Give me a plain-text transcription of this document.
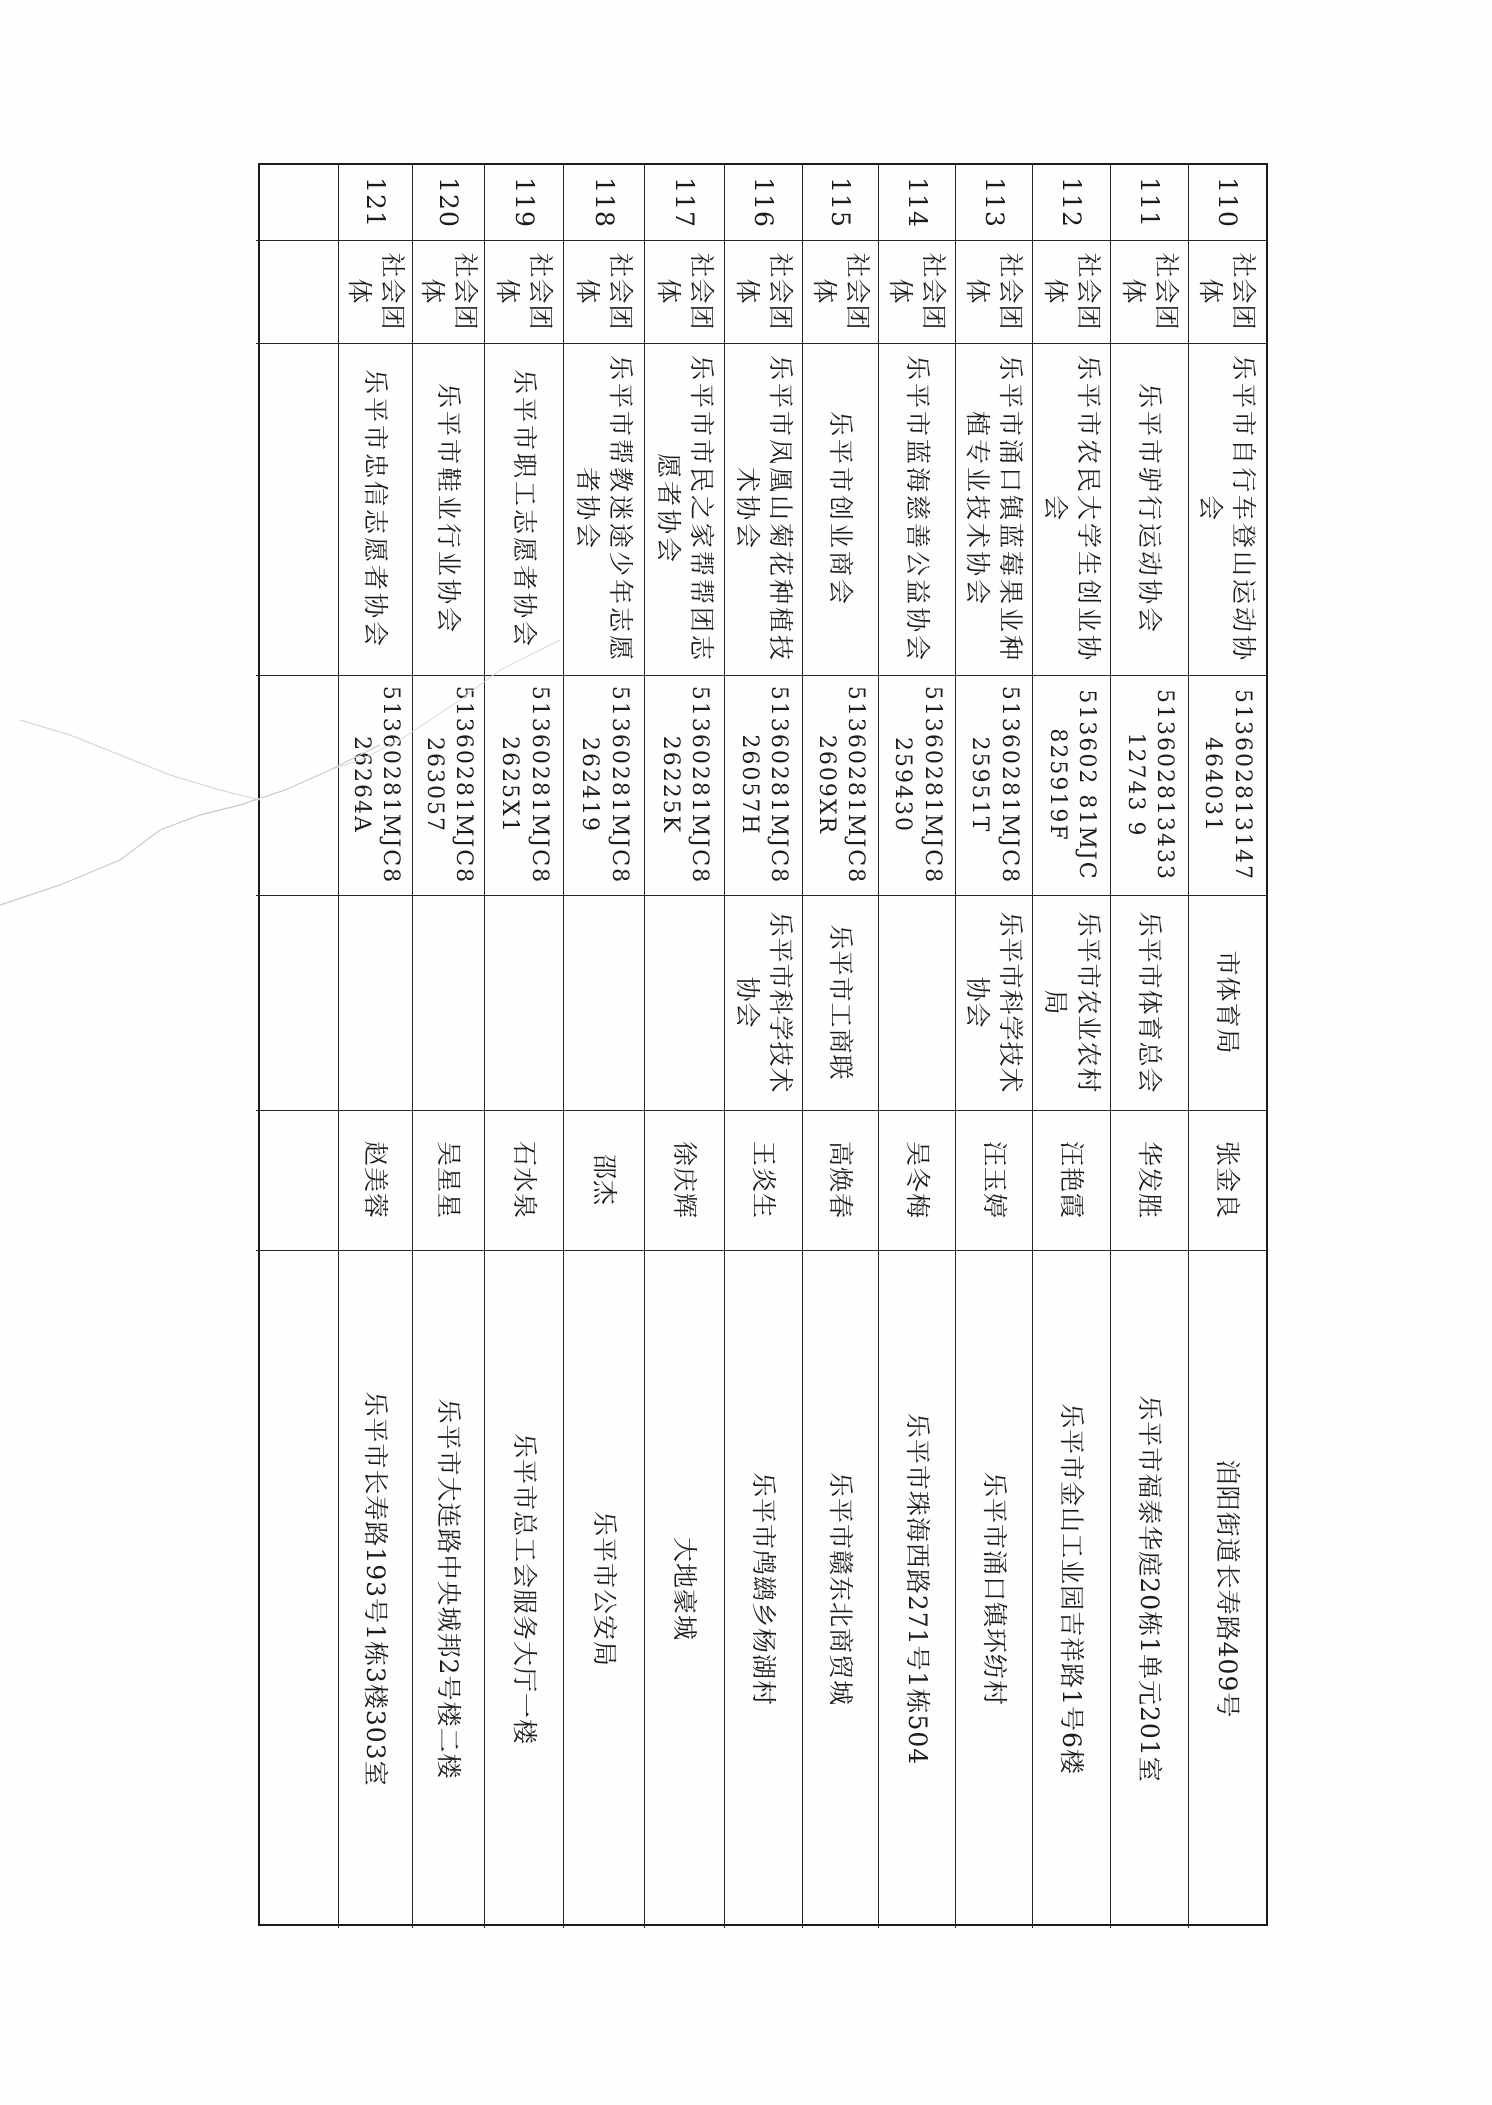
110
社会团体
乐平市自行车登山运动协会
513602813147464031
市体育局
张金良
洎阳街道长寿路409号
111
社会团体
乐平市驴行运动协会
51360281343312743 9
乐平市体育总会
华发胜
乐平市福泰华庭20栋1单元201室
112
社会团体
乐平市农民大学生创业协会
513602 81MJC825919F
乐平市农业农村局
汪艳霞
乐平市金山工业园吉祥路1号6楼
113
社会团体
乐平市涌口镇蓝莓果业种植专业技术协会
51360281MJC825951T
乐平市科学技术协会
汪玉婷
乐平市涌口镇环纺村
114
社会团体
乐平市蓝海慈善公益协会
51360281MJC8259430
吴冬梅
乐平市珠海西路271号1栋504
115
社会团体
乐平市创业商会
51360281MJC82609XR
乐平市工商联
高焕春
乐平市赣东北商贸城
116
社会团体
乐平市凤凰山菊花种植技术协会
51360281MJC826057H
乐平市科学技术协会
王炎生
乐平市鸬鹚乡杨湖村
117
社会团体
乐平市市民之家帮帮团志愿者协会
51360281MJC826225K
徐庆辉
大地豪城
118
社会团体
乐平市帮教迷途少年志愿者协会
51360281MJC8262419
邵杰
乐平市公安局
119
社会团体
乐平市职工志愿者协会
51360281MJC82625X1
石水泉
乐平市总工会服务大厅一楼
120
社会团体
乐平市鞋业行业协会
51360281MJC8263057
吴星星
乐平市大连路中央城邦2号楼二楼
121
社会团体
乐平市忠信志愿者协会
51360281MJC826264A
赵美蓉
乐平市长寿路193号1栋3楼303室
